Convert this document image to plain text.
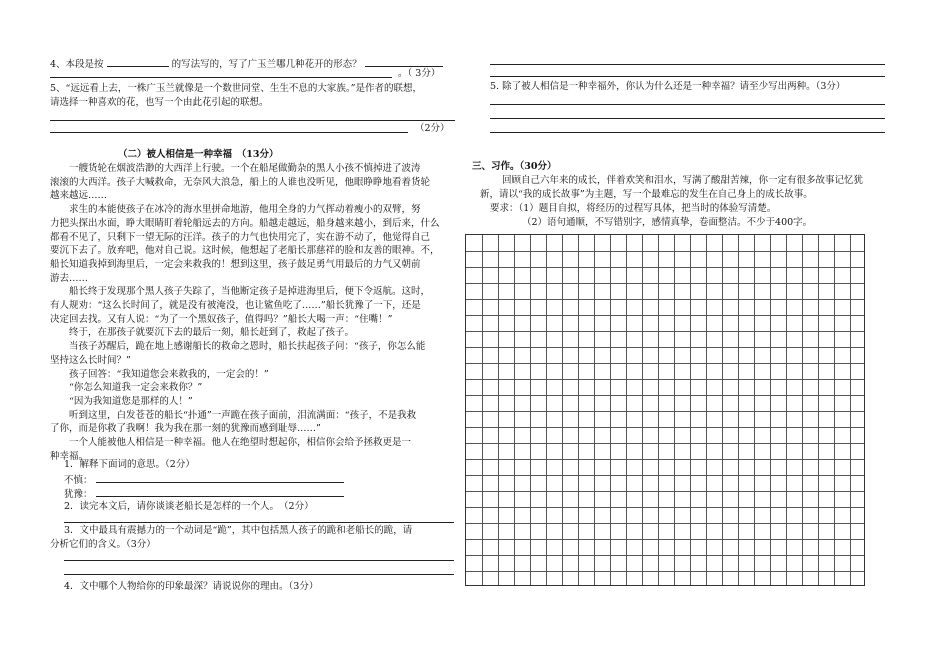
4、本段是按	的写法写的，写了广玉兰哪几种花开的形态？
。（ 3分）
5、“远远看上去，一株广玉兰就像是一个数世同堂、生生不息的大家族。”是作者的联想，
请选择一种喜欢的花，也写一个由此花引起的联想。
（2分）
（二）被人相信是一种幸福　（13分）
一艘货轮在烟波浩渺的大西洋上行驶。一个在船尾做勤杂的黑人小孩不慎掉进了波涛
滚滚的大西洋。孩子大喊救命，无奈风大浪急，船上的人谁也没听见，他眼睁睁地看着货轮
越来越远……
求生的本能使孩子在冰冷的海水里拼命地游，他用全身的力气挥动着瘦小的双臂，努
力把头探出水面，睁大眼睛盯着轮船远去的方向。船越走越远，船身越来越小，到后来，什么
都看不见了，只剩下一望无际的汪洋。孩子的力气也快用完了，实在游不动了，他觉得自己
要沉下去了。放弃吧，他对自己说。这时候，他想起了老船长那慈祥的脸和友善的眼神。不，
船长知道我掉到海里后，一定会来救我的！想到这里，孩子鼓足勇气用最后的力气又朝前
游去……
船长终于发现那个黑人孩子失踪了，当他断定孩子是掉进海里后，便下令返航。这时，
有人规劝：“这么长时间了，就是没有被淹没，也让鲨鱼吃了……”船长犹豫了一下，还是
决定回去找。又有人说：“为了一个黑奴孩子，值得吗？”船长大喝一声：“住嘴！”
终于，在那孩子就要沉下去的最后一刻，船长赶到了，救起了孩子。
当孩子苏醒后，跪在地上感谢船长的救命之恩时，船长扶起孩子问：“孩子，你怎么能
坚持这么长时间？”
孩子回答：“我知道您会来救我的，一定会的！”
“你怎么知道我一定会来救你？”
“因为我知道您是那样的人！”
听到这里，白发苍苍的船长“扑通”一声跪在孩子面前，泪流满面：“孩子，不是我救
了你，而是你救了我啊！我为我在那一刻的犹豫而感到耻辱……”
一个人能被他人相信是一种幸福。他人在绝望时想起你，相信你会给予拯救更是一
种幸福。
1．解释下面词的意思。（2分）
不慎：
犹豫：
2．读完本文后，请你谈谈老船长是怎样的一个人。　（2分）
3．文中最具有震撼力的一个动词是“跪”，其中包括黑人孩子的跪和老船长的跪，请
分析它们的含义。（3分）
4．文中哪个人物给你的印象最深？请说说你的理由。（3分）
5. 除了被人相信是一种幸福外，你认为什么还是一种幸福？请至少写出两种。（3分）
三、习作。（30分）
回顾自己六年来的成长，伴着欢笑和泪水，写满了酸甜苦辣，你一定有很多故事记忆犹
新，请以“我的成长故事”为主题，写一个最难忘的发生在自己身上的成长故事。
要求：（1）题目自拟，将经历的过程写具体，把当时的体验写清楚。
（2）语句通顺，不写错别字，感情真挚，卷面整洁。不少于400字。
